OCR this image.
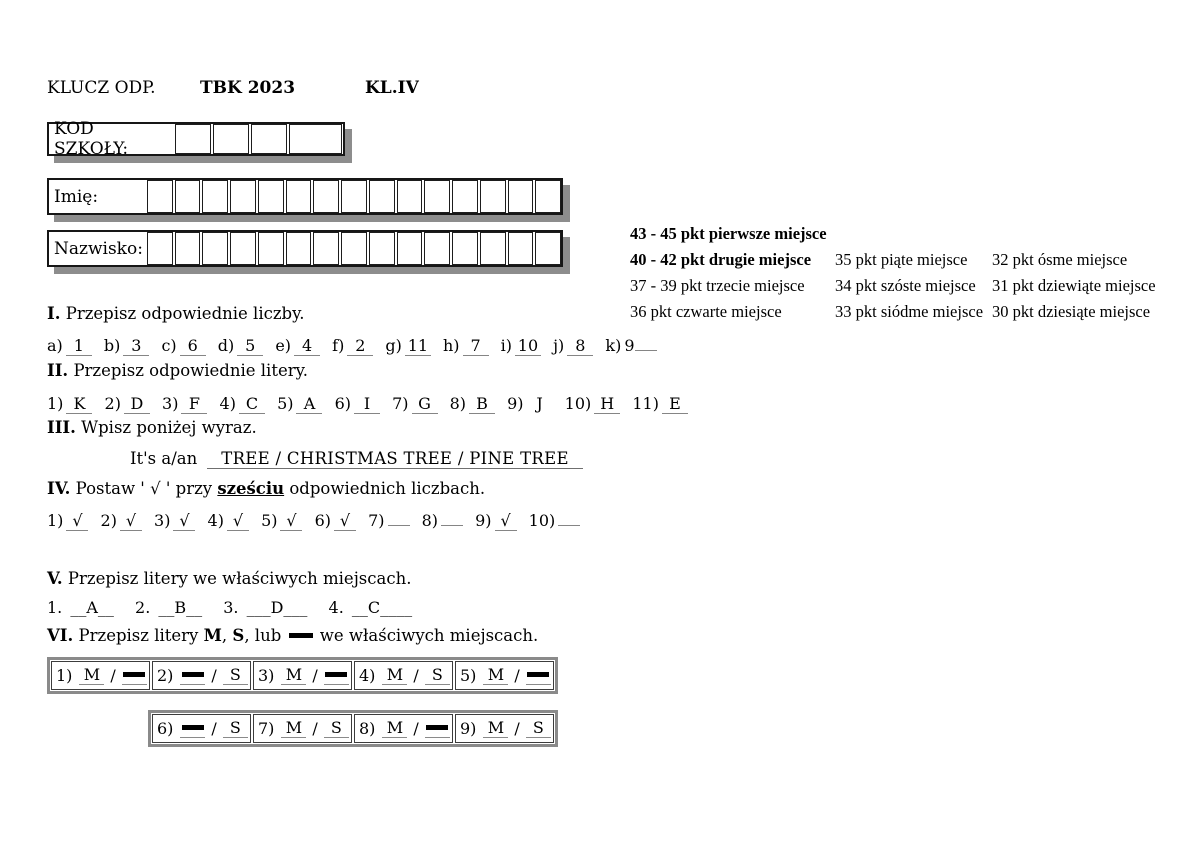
KLUCZ ODP.	TBK 2023	KL.IV
KOD SZKOŁY:
Imię:
Nazwisko:
43 - 45 pkt pierwsze miejsce
40 - 42 pkt drugie miejsce	35 pkt piąte miejsce	32 pkt ósme miejsce
37 - 39 pkt trzecie miejsce	34 pkt szóste miejsce 31 pkt dziewiąte miejsce
36 pkt czwarte miejsce	33 pkt siódme miejsce 30 pkt dziesiąte miejsce
I. Przepisz odpowiednie liczby.
a) 1 b) 3 c) 6 d) 5 e) 4 f) 2 g) 11 h) 7 i) 10 j) 8 k) 9
II. Przepisz odpowiednie litery.
1) K 2) D 3) F 4) C 5) A 6) I 7) G 8) B 9) J 10) H 11) E
III. Wpisz poniżej wyraz.
It's a/an TREE / CHRISTMAS TREE / PINE TREE
IV. Postaw ' √ ' przy sześciu odpowiednich liczbach.
1) √ 2) √ 3) √ 4) √ 5) √ 6) √ 7) 8) 9) √ 10)
V. Przepisz litery we właściwych miejscach.
1. __A__ 2. __B__ 3. ___D___ 4. __C____
VI. Przepisz litery M, S, lub we właściwych miejscach.
1) M /	2) / S	3) M /	4) M / S	5) M /
6) / S	7) M / S	8) M /	9) M / S
